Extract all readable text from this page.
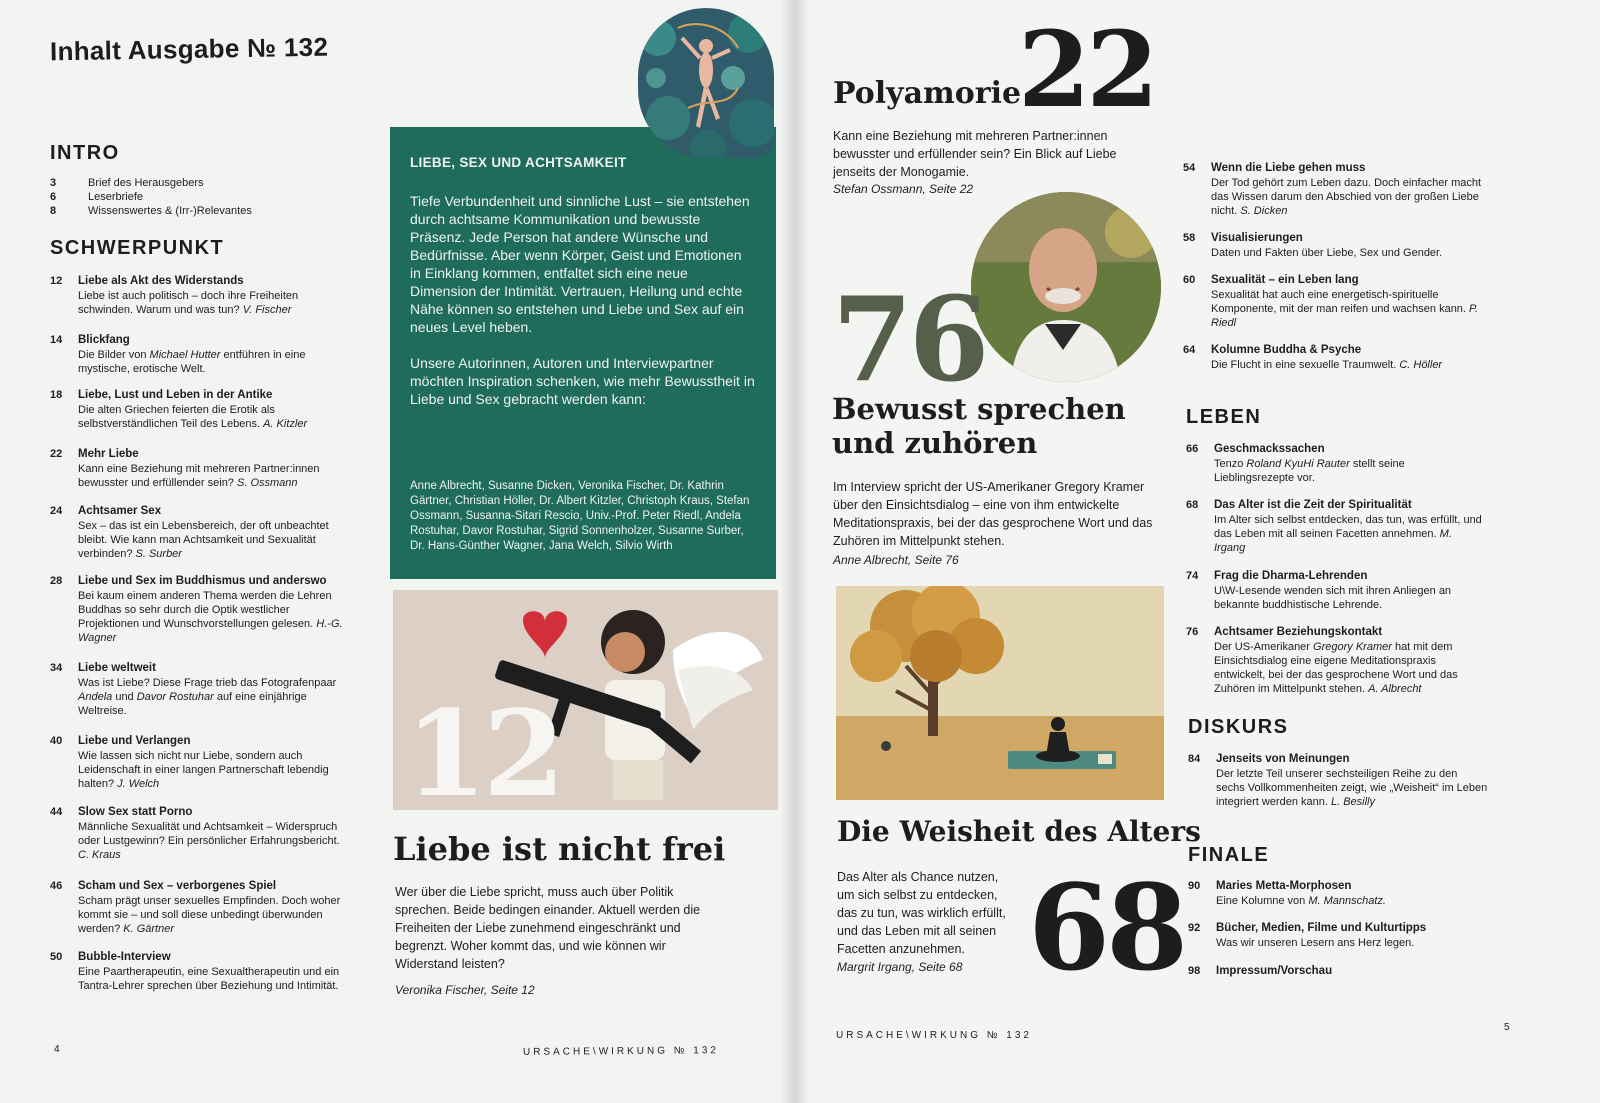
Inhalt Ausgabe № 132
INTRO
3	Brief des Herausgebers
6	Leserbriefe
8	Wissenswertes & (Irr-)Relevantes
SCHWERPUNKT
12 Liebe als Akt des Widerstands
Liebe ist auch politisch – doch ihre Freiheiten schwinden. Warum und was tun? V. Fischer
14 Blickfang
Die Bilder von Michael Hutter entführen in eine mystische, erotische Welt.
18 Liebe, Lust und Leben in der Antike
Die alten Griechen feierten die Erotik als selbstverständlichen Teil des Lebens. A. Kitzler
22 Mehr Liebe
Kann eine Beziehung mit mehreren Partner:innen bewusster und erfüllender sein? S. Ossmann
24 Achtsamer Sex
Sex – das ist ein Lebensbereich, der oft unbeachtet bleibt. Wie kann man Achtsamkeit und Sexualität verbinden? S. Surber
28 Liebe und Sex im Buddhismus und anderswo
Bei kaum einem anderen Thema werden die Lehren Buddhas so sehr durch die Optik westlicher Projektionen und Wunschvorstellungen gelesen. H.-G. Wagner
34 Liebe weltweit
Was ist Liebe? Diese Frage trieb das Fotografenpaar Andela und Davor Rostuhar auf eine einjährige Weltreise.
40 Liebe und Verlangen
Wie lassen sich nicht nur Liebe, sondern auch Leidenschaft in einer langen Partnerschaft lebendig halten? J. Welch
44 Slow Sex statt Porno
Männliche Sexualität und Achtsamkeit – Widerspruch oder Lustgewinn? Ein persönlicher Erfahrungsbericht. C. Kraus
46 Scham und Sex – verborgenes Spiel
Scham prägt unser sexuelles Empfinden. Doch woher kommt sie – und soll diese unbedingt überwunden werden? K. Gärtner
50 Bubble-Interview
Eine Paartherapeutin, eine Sexualtherapeutin und ein Tantra-Lehrer sprechen über Beziehung und Intimität.
LIEBE, SEX UND ACHTSAMKEIT
Tiefe Verbundenheit und sinnliche Lust – sie entstehen durch achtsame Kommunikation und bewusste Präsenz. Jede Person hat andere Wünsche und Bedürfnisse. Aber wenn Körper, Geist und Emotionen in Einklang kommen, entfaltet sich eine neue Dimension der Intimität. Vertrauen, Heilung und echte Nähe können so entstehen und Liebe und Sex auf ein neues Level heben.
Unsere Autorinnen, Autoren und Interviewpartner möchten Inspiration schenken, wie mehr Bewusstheit in Liebe und Sex gebracht werden kann:
Anne Albrecht, Susanne Dicken, Veronika Fischer, Dr. Kathrin Gärtner, Christian Höller, Dr. Albert Kitzler, Christoph Kraus, Stefan Ossmann, Susanna-Sitari Rescio, Univ.-Prof. Peter Riedl, Andela Rostuhar, Davor Rostuhar, Sigrid Sonnenholzer, Susanne Surber, Dr. Hans-Günther Wagner, Jana Welch, Silvio Wirth
12
Liebe ist nicht frei
Wer über die Liebe spricht, muss auch über Politik sprechen. Beide bedingen einander. Aktuell werden die Freiheiten der Liebe zunehmend eingeschränkt und begrenzt. Woher kommt das, und wie können wir Widerstand leisten?
Veronika Fischer, Seite 12
4	URSACHE\WIRKUNG № 132
Polyamorie
22
Kann eine Beziehung mit mehreren Partner:innen bewusster und erfüllender sein? Ein Blick auf Liebe jenseits der Monogamie.
Stefan Ossmann, Seite 22
76
Bewusst sprechen
und zuhören
Im Interview spricht der US-Amerikaner Gregory Kramer über den Einsichtsdialog – eine von ihm entwickelte Meditationspraxis, bei der das gesprochene Wort und das Zuhören im Mittelpunkt stehen.
Anne Albrecht, Seite 76
Die Weisheit des Alters
Das Alter als Chance nutzen, um sich selbst zu entdecken, das zu tun, was wirklich erfüllt, und das Leben mit all seinen Facetten anzunehmen.
Margrit Irgang, Seite 68 68
54 Wenn die Liebe gehen muss
Der Tod gehört zum Leben dazu. Doch einfacher macht das Wissen darum den Abschied von der großen Liebe nicht. S. Dicken
58 Visualisierungen
Daten und Fakten über Liebe, Sex und Gender.
60 Sexualität – ein Leben lang
Sexualität hat auch eine energetisch-spirituelle Komponente, mit der man reifen und wachsen kann. P. Riedl
64 Kolumne Buddha & Psyche
Die Flucht in eine sexuelle Traumwelt. C. Höller
LEBEN
66 Geschmackssachen
Tenzo Roland KyuHi Rauter stellt seine Lieblingsrezepte vor.
68 Das Alter ist die Zeit der Spiritualität
Im Alter sich selbst entdecken, das tun, was erfüllt, und das Leben mit all seinen Facetten annehmen. M. Irgang
74 Frag die Dharma-Lehrenden
U\W-Lesende wenden sich mit ihren Anliegen an bekannte buddhistische Lehrende.
76 Achtsamer Beziehungskontakt
Der US-Amerikaner Gregory Kramer hat mit dem Einsichtsdialog eine eigene Meditationspraxis entwickelt, bei der das gesprochene Wort und das Zuhören im Mittelpunkt stehen. A. Albrecht
DISKURS
84 Jenseits von Meinungen
Der letzte Teil unserer sechsteiligen Reihe zu den sechs Vollkommenheiten zeigt, wie „Weisheit“ im Leben integriert werden kann. L. Besilly
FINALE
90 Maries Metta-Morphosen
Eine Kolumne von M. Mannschatz.
92 Bücher, Medien, Filme und Kulturtipps
Was wir unseren Lesern ans Herz legen.
98 Impressum/Vorschau
URSACHE\WIRKUNG № 132
5
